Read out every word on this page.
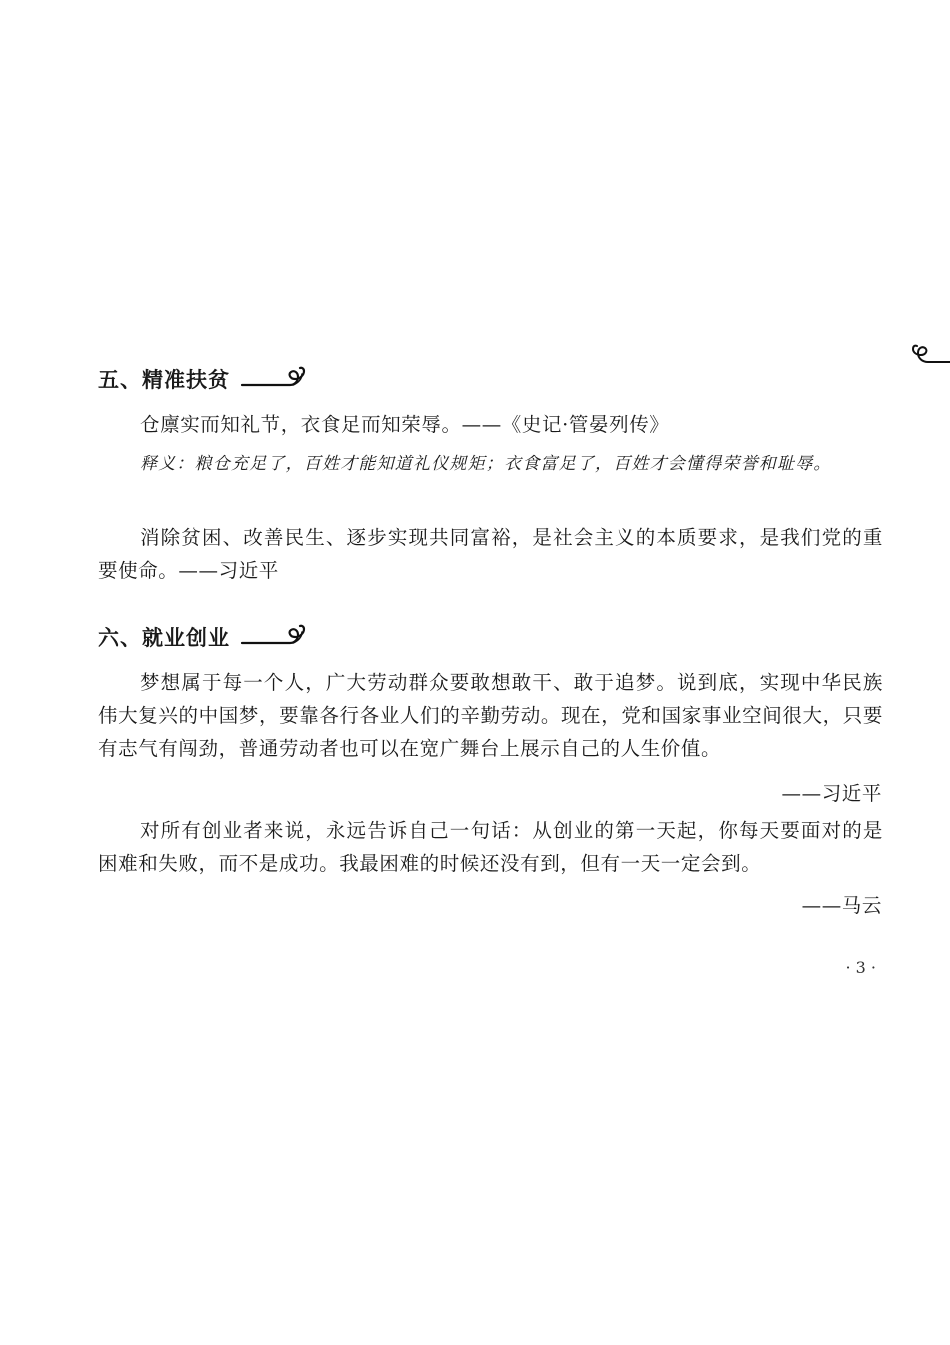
五、精准扶贫

仓廪实而知礼节，衣食足而知荣辱。——《史记·管晏列传》

释义：粮仓充足了，百姓才能知道礼仪规矩；衣食富足了，百姓才会懂得荣誉和耻辱。

消除贫困、改善民生、逐步实现共同富裕，是社会主义的本质要求，是我们党的重要使命。——习近平

六、就业创业

梦想属于每一个人，广大劳动群众要敢想敢干、敢于追梦。说到底，实现中华民族伟大复兴的中国梦，要靠各行各业人们的辛勤劳动。现在，党和国家事业空间很大，只要有志气有闯劲，普通劳动者也可以在宽广舞台上展示自己的人生价值。

——习近平

对所有创业者来说，永远告诉自己一句话：从创业的第一天起，你每天要面对的是困难和失败，而不是成功。我最困难的时候还没有到，但有一天一定会到。

——马云
· 3 ·
